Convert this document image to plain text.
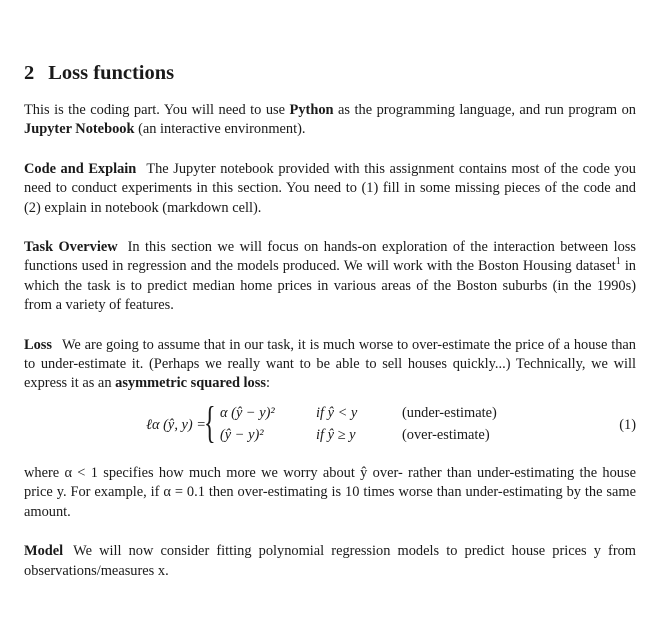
2 Loss functions

This is the coding part. You will need to use Python as the programming language, and run program on Jupyter Notebook (an interactive environment).

Code and Explain The Jupyter notebook provided with this assignment contains most of the code you need to conduct experiments in this section. You need to (1) fill in some missing pieces of the code and (2) explain in notebook (markdown cell).

Task Overview In this section we will focus on hands-on exploration of the interaction between loss functions used in regression and the models produced. We will work with the Boston Housing dataset$^1$ in which the task is to predict median home prices in various areas of the Boston suburbs (in the 1990s) from a variety of features.

Loss We are going to assume that in our task, it is much worse to over-estimate the price of a house than to under-estimate it. (Perhaps we really want to be able to sell houses quickly...) Technically, we will express it as an asymmetric squared loss:

ℓα (ŷ, y) =
{ α (ŷ − y)²	if ŷ < y	(under-estimate)
(ŷ − y)²	if ŷ ≥ y	(over-estimate)
(1)

where α < 1 specifies how much more we worry about ŷ over- rather than under-estimating the house price y. For example, if α = 0.1 then over-estimating is 10 times worse than under-estimating by the same amount.

Model We will now consider fitting polynomial regression models to predict house prices y from observations/measures x.
